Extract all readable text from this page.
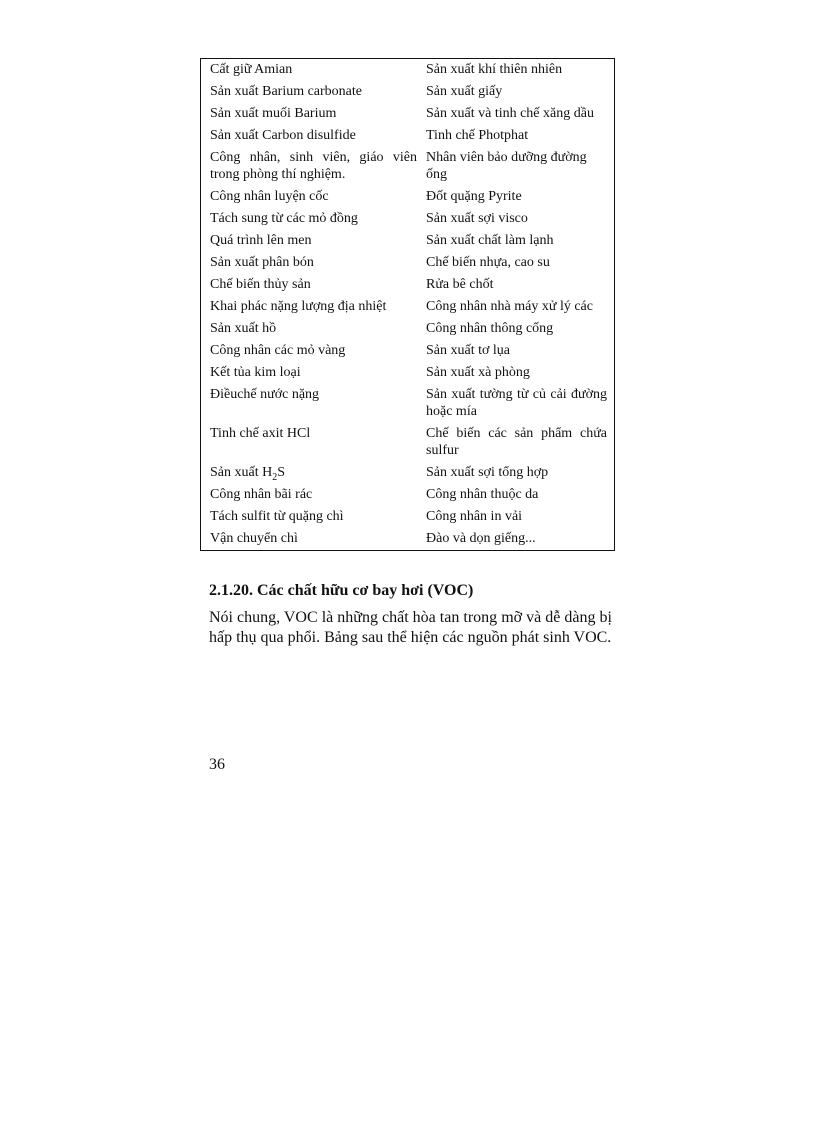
Cất giữ Amian	Sản xuất khí thiên nhiên
Sản xuất Barium carbonate	Sản xuất giấy
Sản xuất muối Barium	Sản xuất và tinh chế xăng dầu
Sản xuất Carbon disulfide	Tinh chế Photphat
Công nhân, sinh viên, giáo viên trong phòng thí nghiệm.	Nhân viên bảo dưỡng đường ống
Công nhân luyện cốc	Đốt quặng Pyrite
Tách sung từ các mỏ đồng	Sản xuất sợi visco
Quá trình lên men	Sản xuất chất làm lạnh
Sản xuất phân bón	Chế biến nhựa, cao su
Chế biến thủy sản	Rửa bê chốt
Khai phác nặng lượng địa nhiệt	Công nhân nhà máy xử lý các
Sản xuất hồ	Công nhân thông cống
Công nhân các mỏ vàng	Sản xuất tơ lụa
Kết tủa kim loại	Sản xuất xà phòng
Điềuchế nước nặng	Sản xuất tường từ củ cải đường hoặc mía
Tinh chế axit HCl	Chế biến các sản phẩm chứa sulfur
Sản xuất $H_2S$	Sản xuất sợi tổng hợp
Công nhân bãi rác	Công nhân thuộc da
Tách sulfit từ quặng chì	Công nhân in vải
Vận chuyển chì	Đào và dọn giếng...

2.1.20. Các chất hữu cơ bay hơi (VOC)

Nói chung, VOC là những chất hòa tan trong mỡ và dễ dàng bị hấp thụ qua phổi. Bảng sau thể hiện các nguồn phát sinh VOC.

36
